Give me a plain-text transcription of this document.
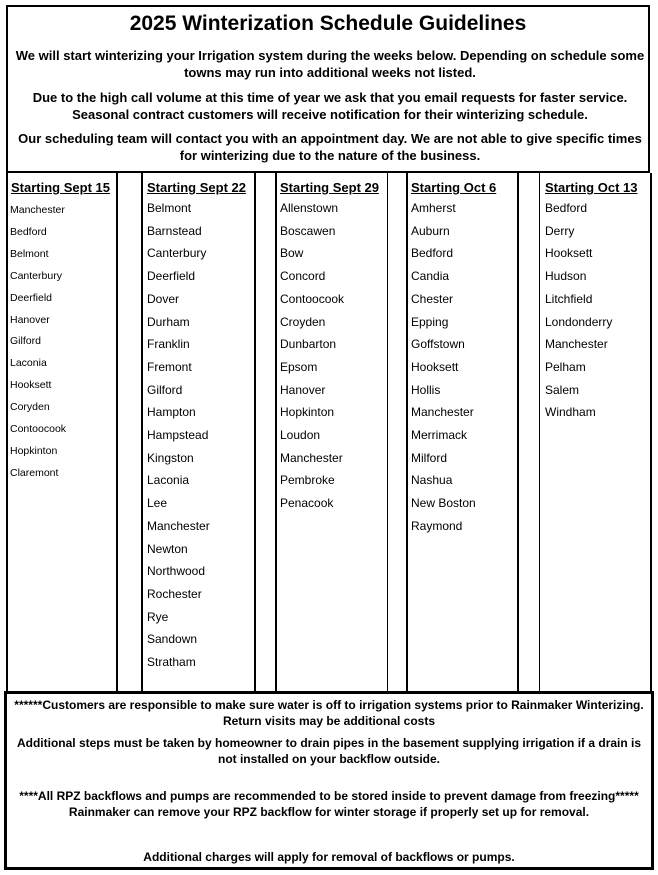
2025 Winterization Schedule Guidelines
We will start winterizing your Irrigation system during the weeks below. Depending on schedule some towns may run into additional weeks not listed.
Due to the high call volume at this time of year we ask that you email requests for faster service. Seasonal contract customers will receive notification for their winterizing schedule.
Our scheduling team will contact you with an appointment day. We are not able to give specific times for winterizing due to the nature of the business.
Starting Sept 15
Manchester
Bedford
Belmont
Canterbury
Deerfield
Hanover
Gilford
Laconia
Hooksett
Coryden
Contoocook
Hopkinton
Claremont
Starting Sept 22
Belmont
Barnstead
Canterbury
Deerfield
Dover
Durham
Franklin
Fremont
Gilford
Hampton
Hampstead
Kingston
Laconia
Lee
Manchester
Newton
Northwood
Rochester
Rye
Sandown
Stratham
Starting Sept 29
Allenstown
Boscawen
Bow
Concord
Contoocook
Croyden
Dunbarton
Epsom
Hanover
Hopkinton
Loudon
Manchester
Pembroke
Penacook
Starting Oct 6
Amherst
Auburn
Bedford
Candia
Chester
Epping
Goffstown
Hooksett
Hollis
Manchester
Merrimack
Milford
Nashua
New Boston
Raymond
Starting Oct 13
Bedford
Derry
Hooksett
Hudson
Litchfield
Londonderry
Manchester
Pelham
Salem
Windham
******Customers are responsible to make sure water is off to irrigation systems prior to Rainmaker Winterizing. Return visits may be additional costs
Additional steps must be taken by homeowner to drain pipes in the basement supplying irrigation if a drain is not installed on your backflow outside.
****All RPZ backflows and pumps are recommended to be stored inside to prevent damage from freezing***** Rainmaker can remove your RPZ backflow for winter storage if properly set up for removal.
Additional charges will apply for removal of backflows or pumps.
